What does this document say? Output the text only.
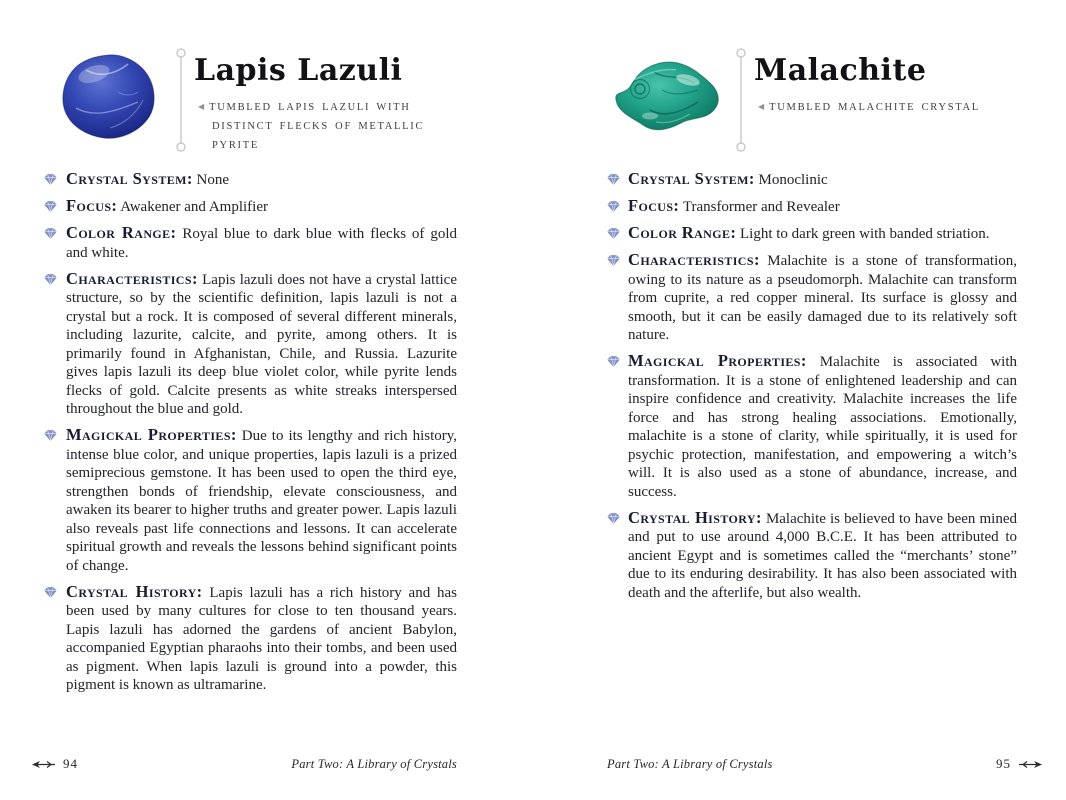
Lapis Lazuli

◀ TUMBLED LAPIS LAZULI WITH DISTINCT FLECKS OF METALLIC PYRITE

Crystal System: None
Focus: Awakener and Amplifier
Color Range: Royal blue to dark blue with flecks of gold and white.
Characteristics: Lapis lazuli does not have a crystal lattice structure, so by the scientific definition, lapis lazuli is not a crystal but a rock. It is composed of several different minerals, including lazurite, calcite, and pyrite, among others. It is primarily found in Afghanistan, Chile, and Russia. Lazurite gives lapis lazuli its deep blue violet color, while pyrite lends flecks of gold. Calcite presents as white streaks interspersed throughout the blue and gold.
Magickal Properties: Due to its lengthy and rich history, intense blue color, and unique properties, lapis lazuli is a prized semiprecious gemstone. It has been used to open the third eye, strengthen bonds of friendship, elevate consciousness, and awaken its bearer to higher truths and greater power. Lapis lazuli also reveals past life connections and lessons. It can accelerate spiritual growth and reveals the lessons behind significant points of change.
Crystal History: Lapis lazuli has a rich history and has been used by many cultures for close to ten thousand years. Lapis lazuli has adorned the gardens of ancient Babylon, accompanied Egyptian pharaohs into their tombs, and been used as pigment. When lapis lazuli is ground into a powder, this pigment is known as ultramarine.
94	Part Two: A Library of Crystals
Malachite

◀ TUMBLED MALACHITE CRYSTAL

Crystal System: Monoclinic
Focus: Transformer and Revealer
Color Range: Light to dark green with banded striation.
Characteristics: Malachite is a stone of transformation, owing to its nature as a pseudomorph. Malachite can transform from cuprite, a red copper mineral. Its surface is glossy and smooth, but it can be easily damaged due to its relatively soft nature.
Magickal Properties: Malachite is associated with transformation. It is a stone of enlightened leadership and can inspire confidence and creativity. Malachite increases the life force and has strong healing associations. Emotionally, malachite is a stone of clarity, while spiritually, it is used for psychic protection, manifestation, and empowering a witch’s will. It is also used as a stone of abundance, increase, and success.
Crystal History: Malachite is believed to have been mined and put to use around 4,000 B.C.E. It has been attributed to ancient Egypt and is sometimes called the “merchants’ stone” due to its enduring desirability. It has also been associated with death and the afterlife, but also wealth.
Part Two: A Library of Crystals	95
